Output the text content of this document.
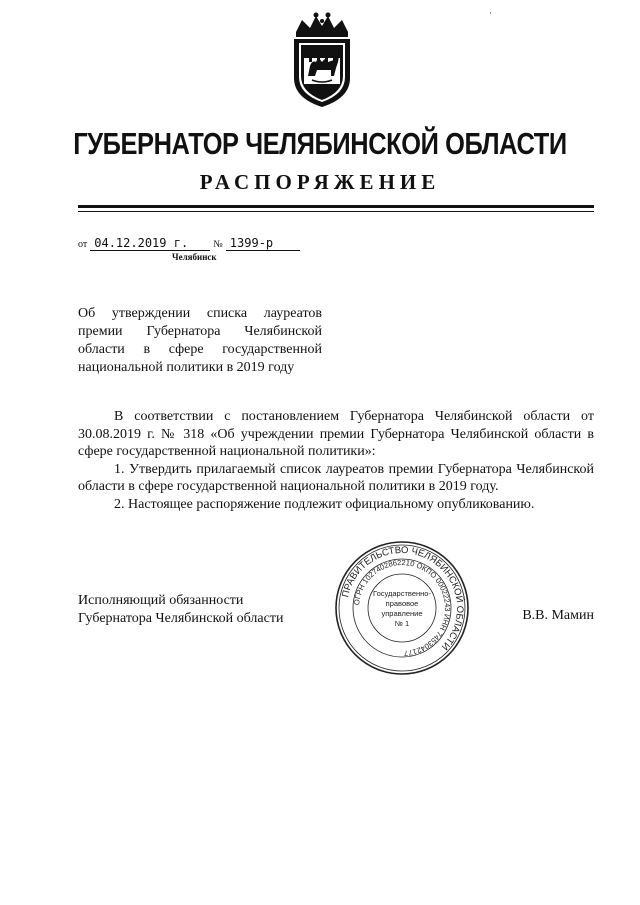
ГУБЕРНАТОР ЧЕЛЯБИНСКОЙ ОБЛАСТИ
РАСПОРЯЖЕНИЕ
от 04.12.2019 г.	№ 1399-р
Челябинск
Об утверждении списка лауреатов премии Губернатора Челябинской области в сфере государственной национальной политики в 2019 году

В соответствии с постановлением Губернатора Челябинской области от 30.08.2019 г. № 318 «Об учреждении премии Губернатора Челябинской области в сфере государственной национальной политики»:

1. Утвердить прилагаемый список лауреатов премии Губернатора Челябинской области в сфере государственной национальной политики в 2019 году.

2. Настоящее распоряжение подлежит официальному опубликованию.

Исполняющий обязанности
Губернатора Челябинской области
ПРАВИТЕЛЬСТВО ЧЕЛЯБИНСКОЙ ОБЛАСТИ
ОГРН 1027402862210 ОКПО 00022243 ИНН 7453042177
Государственно-
правовое
управление
№ 1
В.В. Мамин
